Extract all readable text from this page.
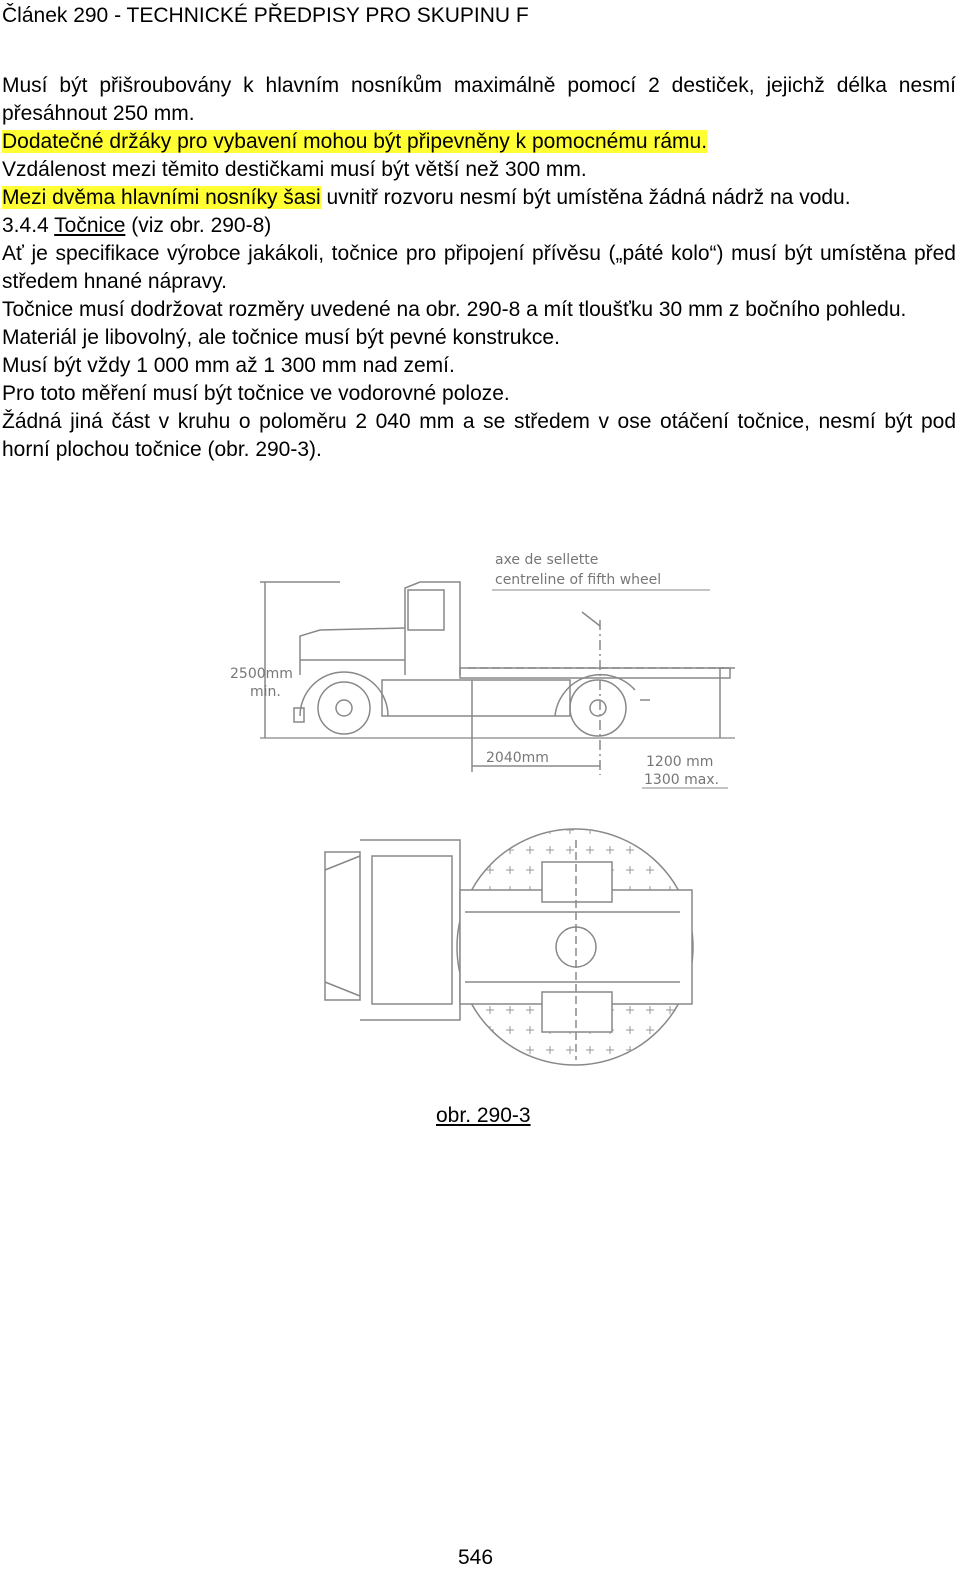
Článek 290 - TECHNICKÉ PŘEDPISY PRO SKUPINU F

Musí být přišroubovány k hlavním nosníkům maximálně pomocí 2 destiček, jejichž délka nesmí přesáhnout 250 mm.

Dodatečné držáky pro vybavení mohou být připevněny k pomocnému rámu.

Vzdálenost mezi těmito destičkami musí být větší než 300 mm.

Mezi dvěma hlavními nosníky šasi uvnitř rozvoru nesmí být umístěna žádná nádrž na vodu.

3.4.4 Točnice (viz obr. 290-8)

Ať je specifikace výrobce jakákoli, točnice pro připojení přívěsu („páté kolo“) musí být umístěna před středem hnané nápravy.

Točnice musí dodržovat rozměry uvedené na obr. 290-8 a mít tloušťku 30 mm z bočního pohledu.

Materiál je libovolný, ale točnice musí být pevné konstrukce.

Musí být vždy 1 000 mm až 1 300 mm nad zemí.

Pro toto měření musí být točnice ve vodorovné poloze.

Žádná jiná část v kruhu o poloměru 2 040 mm a se středem v ose otáčení točnice, nesmí být pod horní plochou točnice (obr. 290-3).

axe de sellette
centreline of fifth wheel
2500mm
min.
2040mm	1200 mm
1300 max.
obr. 290-3
546
